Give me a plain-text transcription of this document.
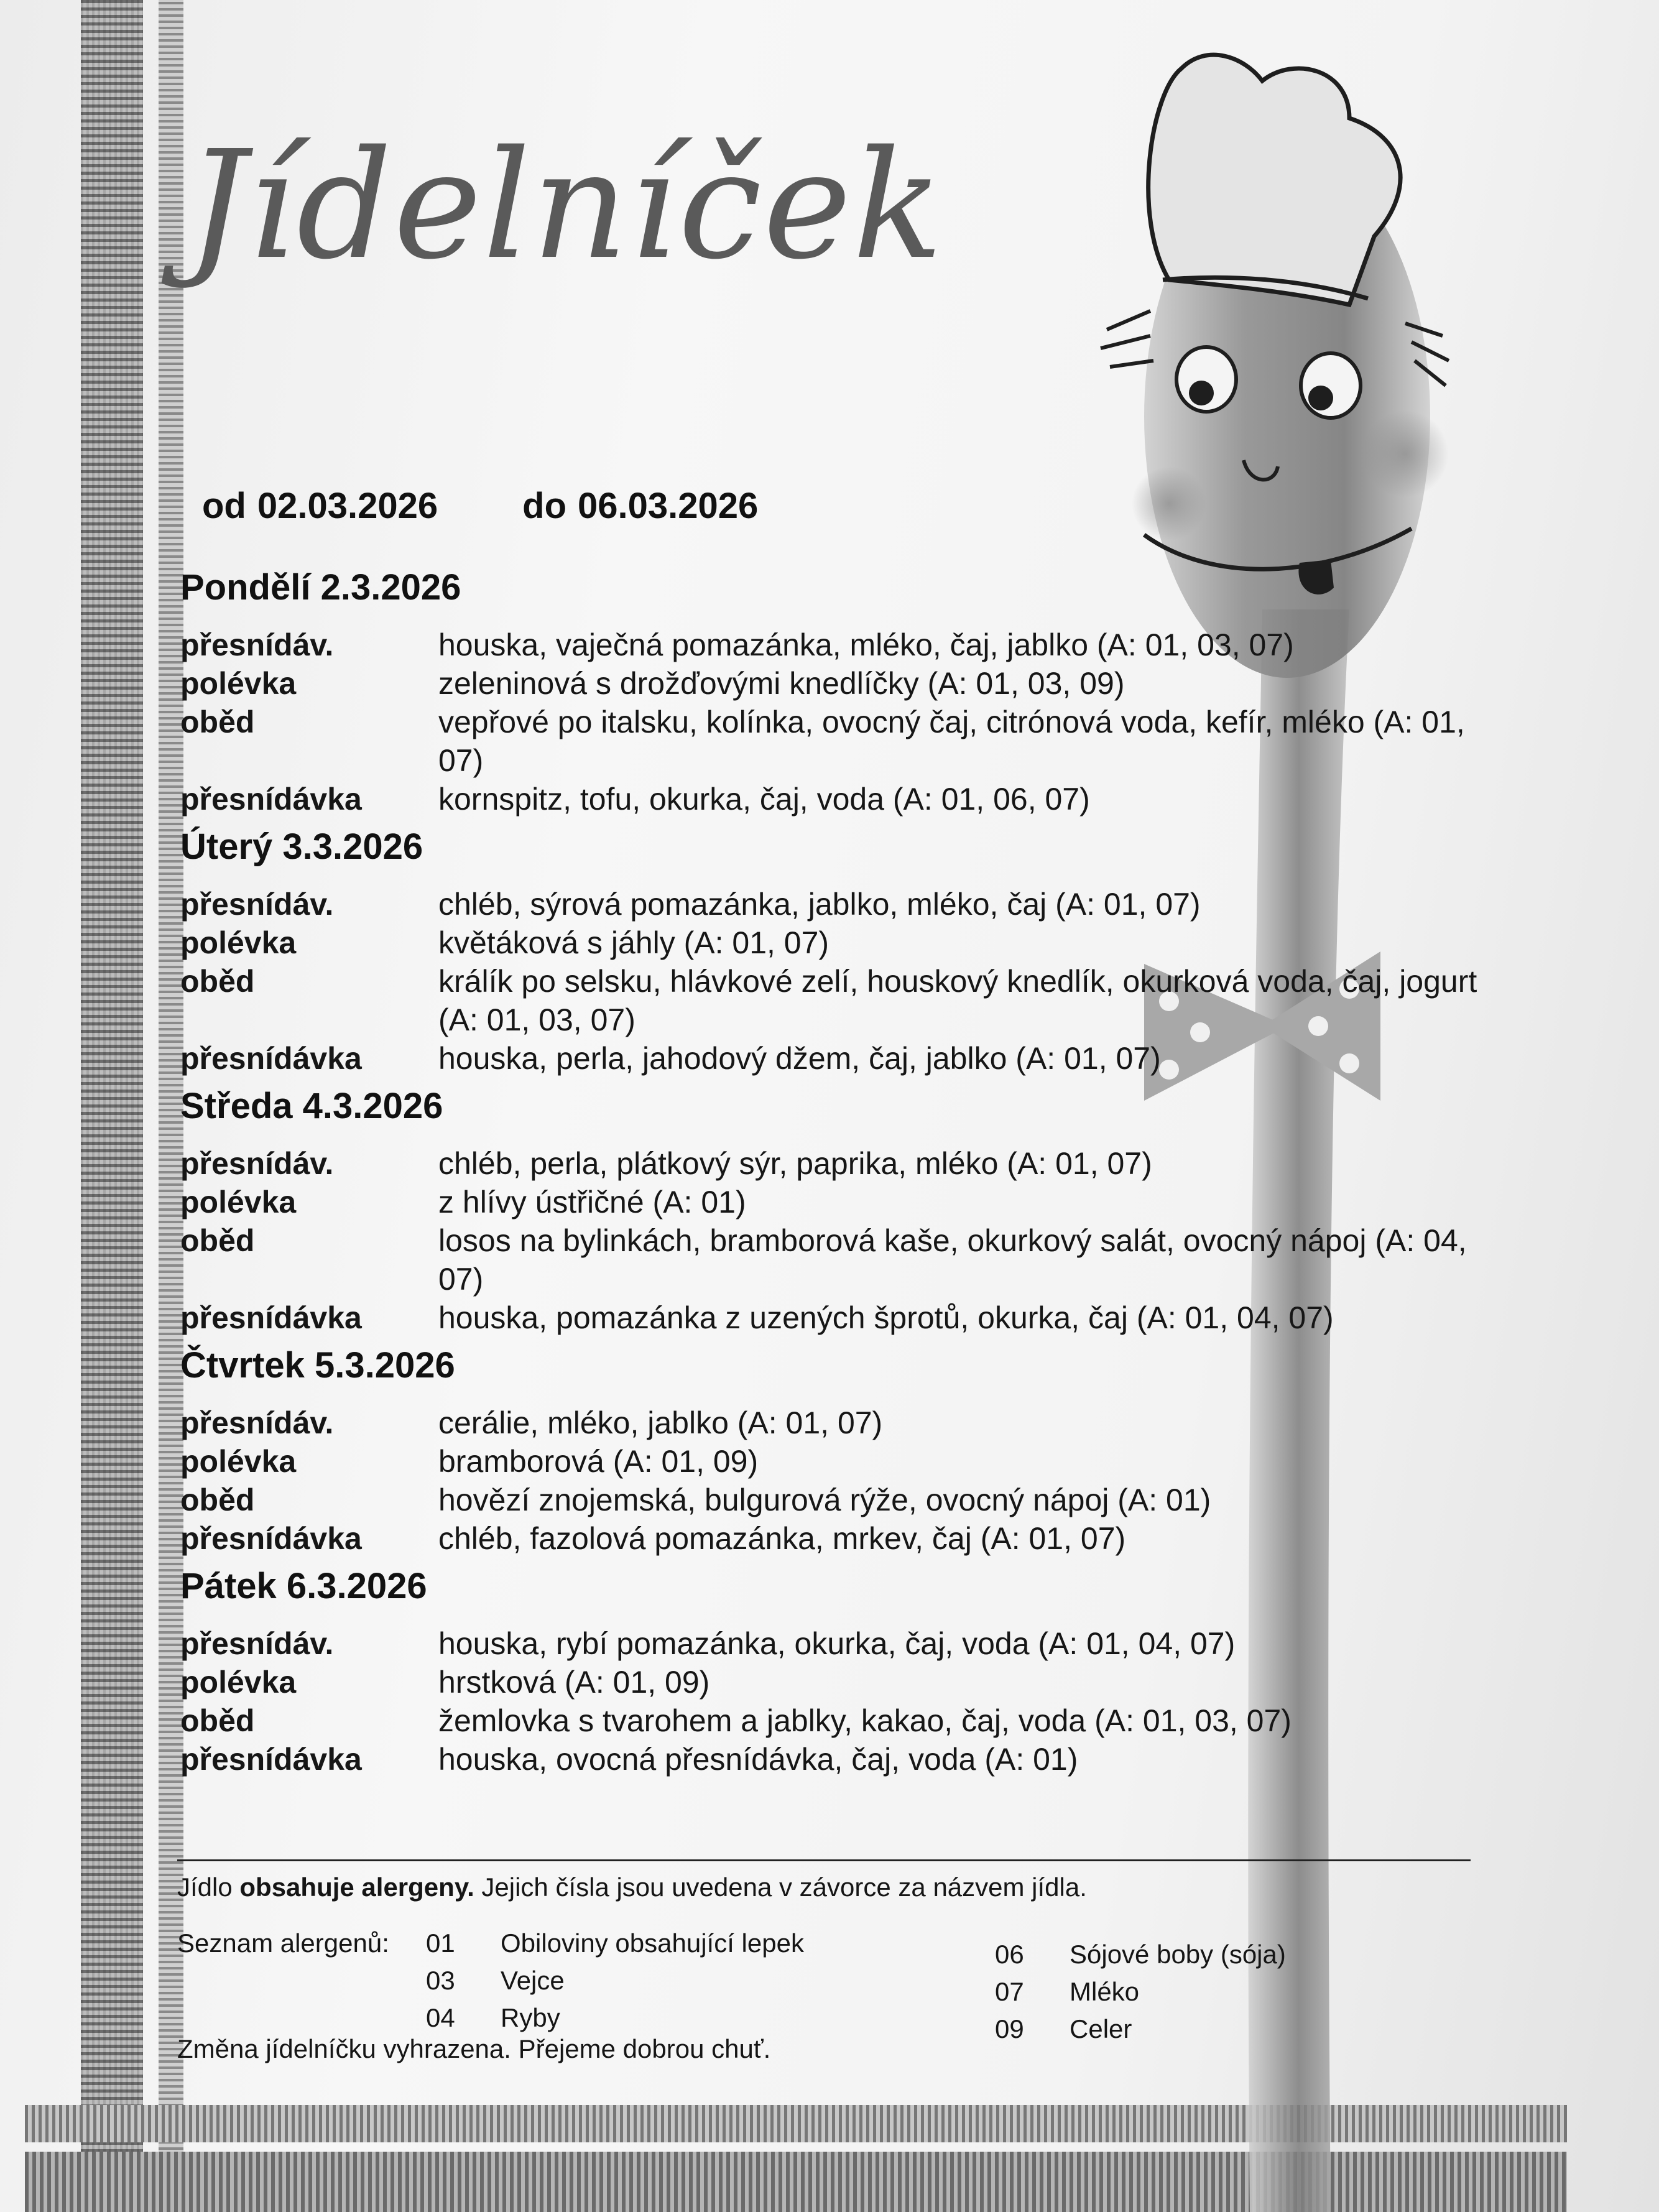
Jídelníček
od 02.03.2026 do 06.03.2026
Pondělí 2.3.2026
přesnídáv.	houska, vaječná pomazánka, mléko, čaj, jablko (A: 01, 03, 07)
polévka	zeleninová s drožďovými knedlíčky (A: 01, 03, 09)
oběd	vepřové po italsku, kolínka, ovocný čaj, citrónová voda, kefír, mléko (A: 01, 07)
přesnídávka	kornspitz, tofu, okurka, čaj, voda (A: 01, 06, 07)
Úterý 3.3.2026
přesnídáv.	chléb, sýrová pomazánka, jablko, mléko, čaj (A: 01, 07)
polévka	květáková s jáhly (A: 01, 07)
oběd	králík po selsku, hlávkové zelí, houskový knedlík, okurková voda, čaj, jogurt (A: 01, 03, 07)
přesnídávka	houska, perla, jahodový džem, čaj, jablko (A: 01, 07)
Středa 4.3.2026
přesnídáv.	chléb, perla, plátkový sýr, paprika, mléko (A: 01, 07)
polévka	z hlívy ústřičné (A: 01)
oběd	losos na bylinkách, bramborová kaše, okurkový salát, ovocný nápoj (A: 04, 07)
přesnídávka	houska, pomazánka z uzených šprotů, okurka, čaj (A: 01, 04, 07)
Čtvrtek 5.3.2026
přesnídáv.	cerálie, mléko, jablko (A: 01, 07)
polévka	bramborová (A: 01, 09)
oběd	hovězí znojemská, bulgurová rýže, ovocný nápoj (A: 01)
přesnídávka	chléb, fazolová pomazánka, mrkev, čaj (A: 01, 07)
Pátek 6.3.2026
přesnídáv.	houska, rybí pomazánka, okurka, čaj, voda (A: 01, 04, 07)
polévka	hrstková (A: 01, 09)
oběd	žemlovka s tvarohem a jablky, kakao, čaj, voda (A: 01, 03, 07)
přesnídávka	houska, ovocná přesnídávka, čaj, voda (A: 01)
Jídlo obsahuje alergeny. Jejich čísla jsou uvedena v závorce za názvem jídla.
Seznam alergenů: 01	Obiloviny obsahující lepek
03	Vejce
04	Ryby
06	Sójové boby (sója)
07	Mléko
09	Celer
Změna jídelníčku vyhrazena. Přejeme dobrou chuť.
